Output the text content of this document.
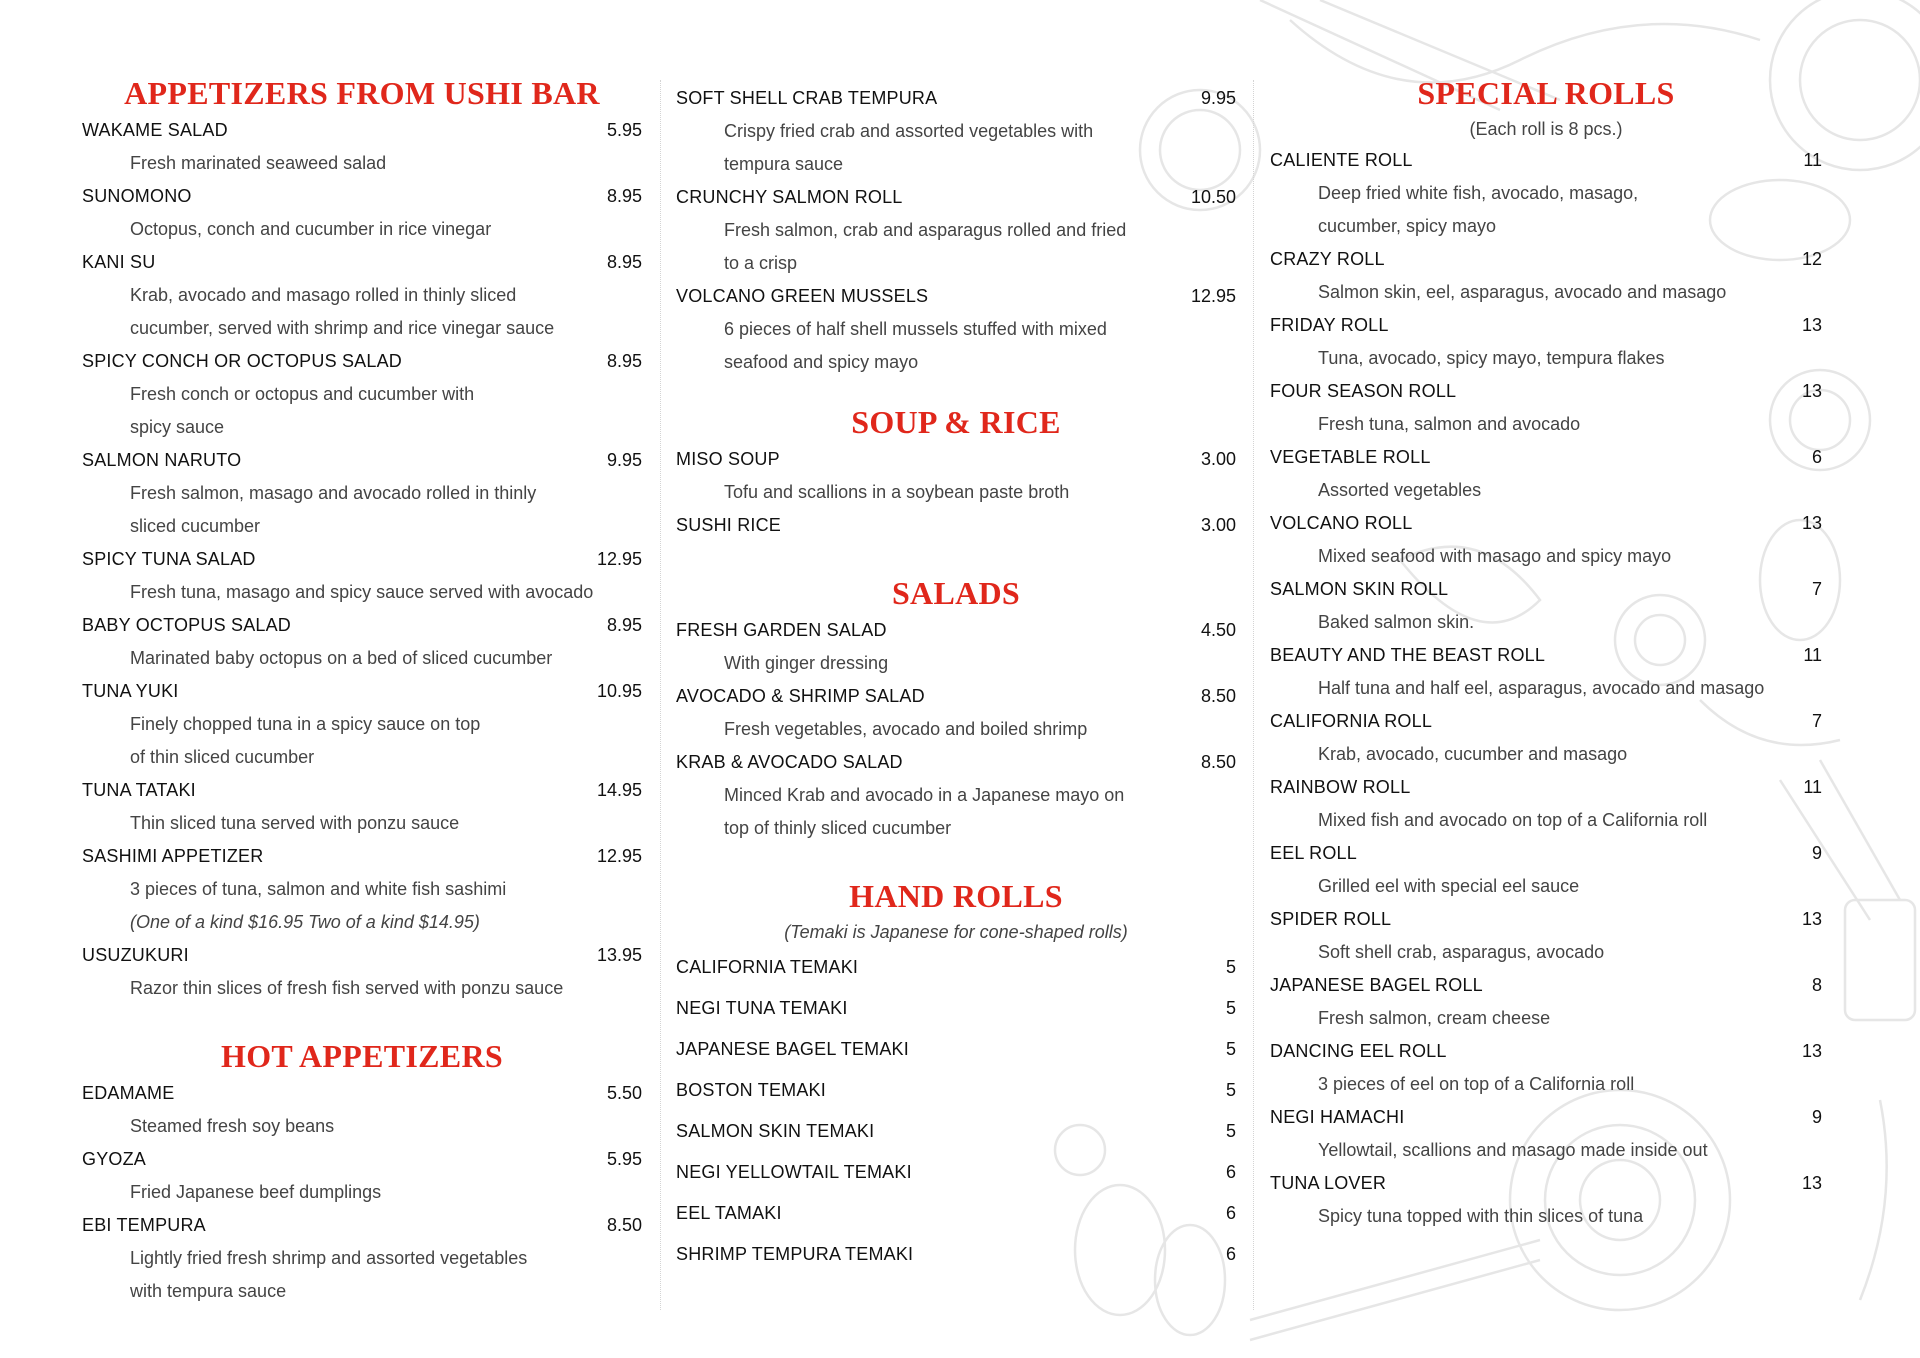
APPETIZERS FROM USHI BAR
WAKAME SALAD	5.95
Fresh marinated seaweed salad
SUNOMONO	8.95
Octopus, conch and cucumber in rice vinegar
KANI SU	8.95
Krab, avocado and masago rolled in thinly sliced
cucumber, served with shrimp and rice vinegar sauce
SPICY CONCH OR OCTOPUS SALAD	8.95
Fresh conch or octopus and cucumber with
spicy sauce
SALMON NARUTO	9.95
Fresh salmon, masago and avocado rolled in thinly
sliced cucumber
SPICY TUNA SALAD	12.95
Fresh tuna, masago and spicy sauce served with avocado
BABY OCTOPUS SALAD	8.95
Marinated baby octopus on a bed of sliced cucumber
TUNA YUKI	10.95
Finely chopped tuna in a spicy sauce on top
of thin sliced cucumber
TUNA TATAKI	14.95
Thin sliced tuna served with ponzu sauce
SASHIMI APPETIZER	12.95
3 pieces of tuna, salmon and white fish sashimi
(One of a kind $16.95 Two of a kind $14.95)
USUZUKURI	13.95
Razor thin slices of fresh fish served with ponzu sauce
HOT APPETIZERS
EDAMAME	5.50
Steamed fresh soy beans
GYOZA	5.95
Fried Japanese beef dumplings
EBI TEMPURA	8.50
Lightly fried fresh shrimp and assorted vegetables
with tempura sauce
SOFT SHELL CRAB TEMPURA	9.95
Crispy fried crab and assorted vegetables with
tempura sauce
CRUNCHY SALMON ROLL	10.50
Fresh salmon, crab and asparagus rolled and fried
to a crisp
VOLCANO GREEN MUSSELS	12.95
6 pieces of half shell mussels stuffed with mixed
seafood and spicy mayo
SOUP & RICE
MISO SOUP	3.00
Tofu and scallions in a soybean paste broth
SUSHI RICE	3.00
SALADS
FRESH GARDEN SALAD	4.50
With ginger dressing
AVOCADO & SHRIMP SALAD	8.50
Fresh vegetables, avocado and boiled shrimp
KRAB & AVOCADO SALAD	8.50
Minced Krab and avocado in a Japanese mayo on
top of thinly sliced cucumber
HAND ROLLS
(Temaki is Japanese for cone-shaped rolls)
CALIFORNIA TEMAKI	5
NEGI TUNA TEMAKI	5
JAPANESE BAGEL TEMAKI	5
BOSTON TEMAKI	5
SALMON SKIN TEMAKI	5
NEGI YELLOWTAIL TEMAKI	6
EEL TAMAKI	6
SHRIMP TEMPURA TEMAKI	6
SPECIAL ROLLS
(Each roll is 8 pcs.)
CALIENTE ROLL	11
Deep fried white fish, avocado, masago,
cucumber, spicy mayo
CRAZY ROLL	12
Salmon skin, eel, asparagus, avocado and masago
FRIDAY ROLL	13
Tuna, avocado, spicy mayo, tempura flakes
FOUR SEASON ROLL	13
Fresh tuna, salmon and avocado
VEGETABLE ROLL	6
Assorted vegetables
VOLCANO ROLL	13
Mixed seafood with masago and spicy mayo
SALMON SKIN ROLL	7
Baked salmon skin.
BEAUTY AND THE BEAST ROLL	11
Half tuna and half eel, asparagus, avocado and masago
CALIFORNIA ROLL	7
Krab, avocado, cucumber and masago
RAINBOW ROLL	11
Mixed fish and avocado on top of a California roll
EEL ROLL	9
Grilled eel with special eel sauce
SPIDER ROLL	13
Soft shell crab, asparagus, avocado
JAPANESE BAGEL ROLL	8
Fresh salmon, cream cheese
DANCING EEL ROLL	13
3 pieces of eel on top of a California roll
NEGI HAMACHI	9
Yellowtail, scallions and masago made inside out
TUNA LOVER	13
Spicy tuna topped with thin slices of tuna
